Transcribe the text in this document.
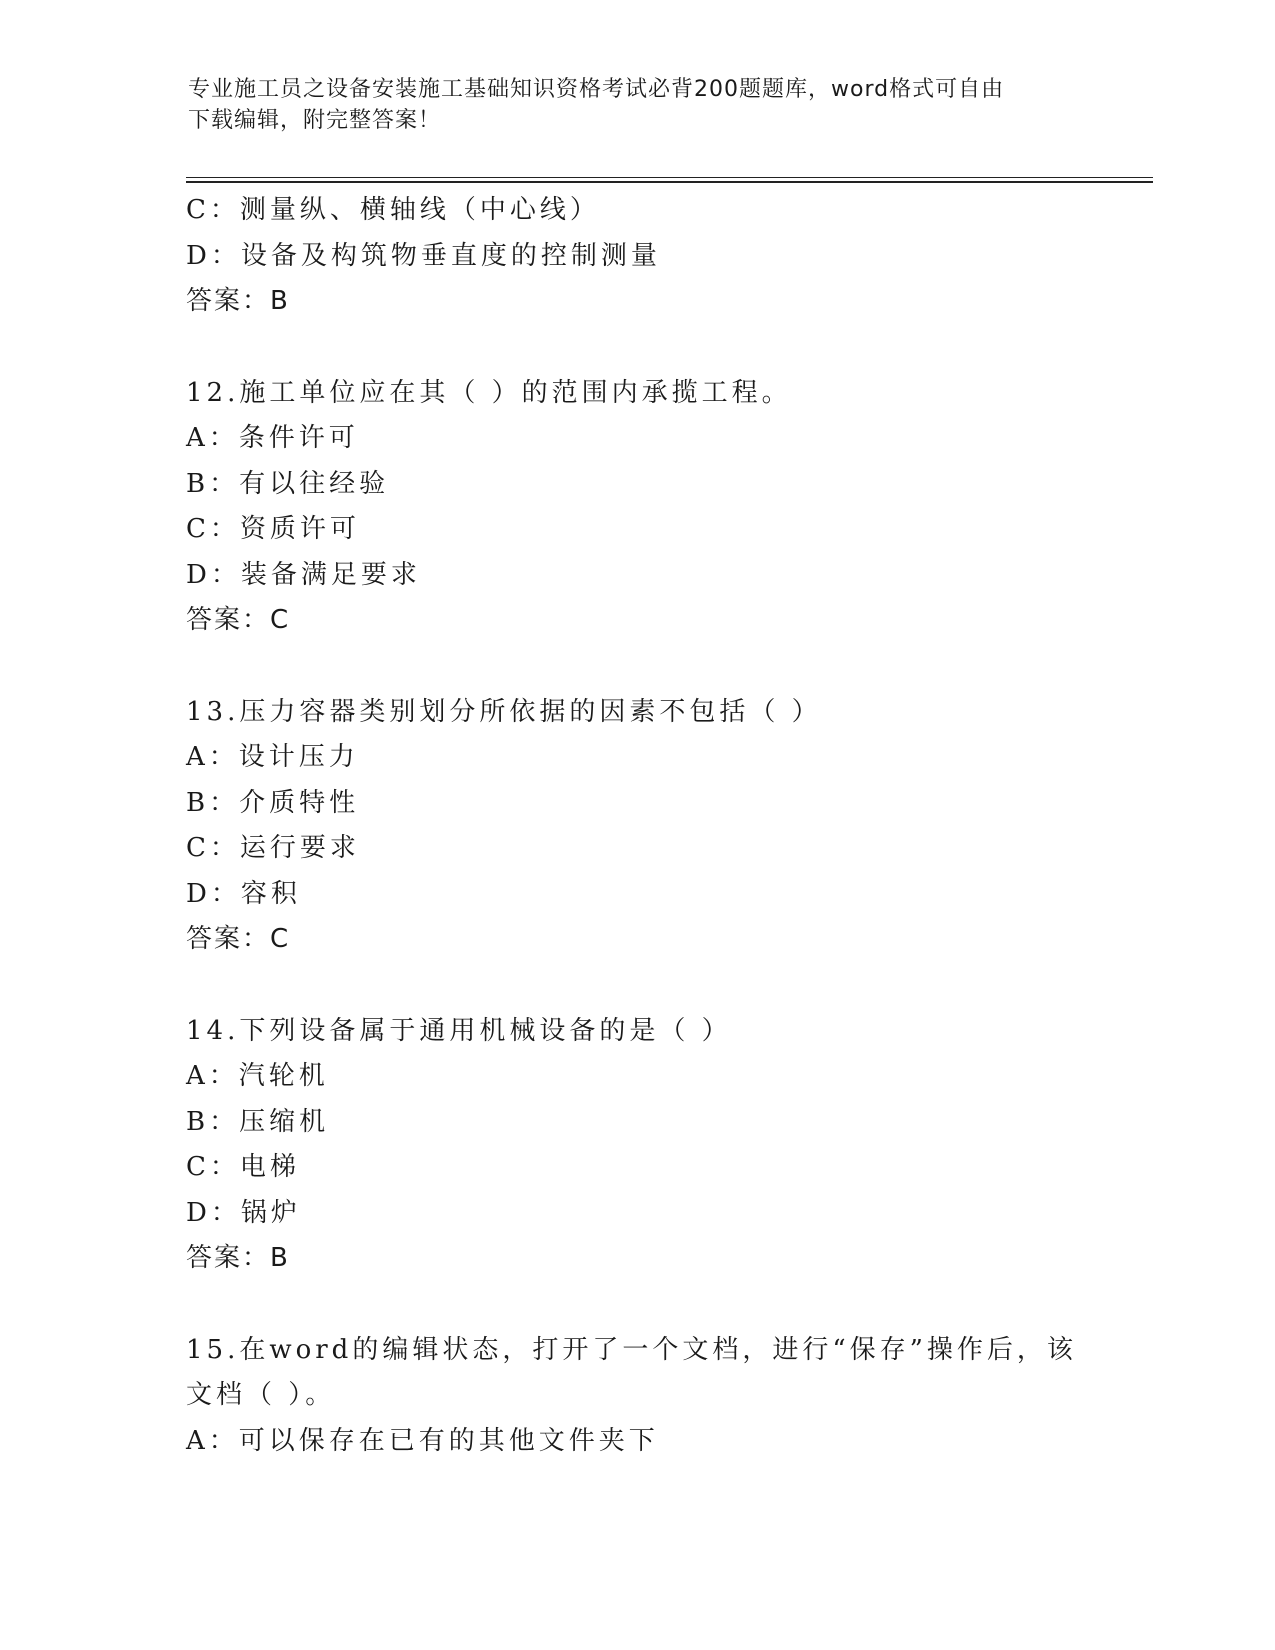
专业施工员之设备安装施工基础知识资格考试必背200题题库，word格式可自由

下载编辑，附完整答案！

C：测量纵、横轴线（中心线）
D：设备及构筑物垂直度的控制测量
答案：B
12.施工单位应在其（ ）的范围内承揽工程。
A：条件许可
B：有以往经验
C：资质许可
D：装备满足要求
答案：C
13.压力容器类别划分所依据的因素不包括（ ）
A：设计压力
B：介质特性
C：运行要求
D：容积
答案：C
14.下列设备属于通用机械设备的是（ ）
A：汽轮机
B：压缩机
C：电梯
D：锅炉
答案：B
15.在word的编辑状态，打开了一个文档，进行“保存”操作后，该
文档（ ）。
A：可以保存在已有的其他文件夹下
